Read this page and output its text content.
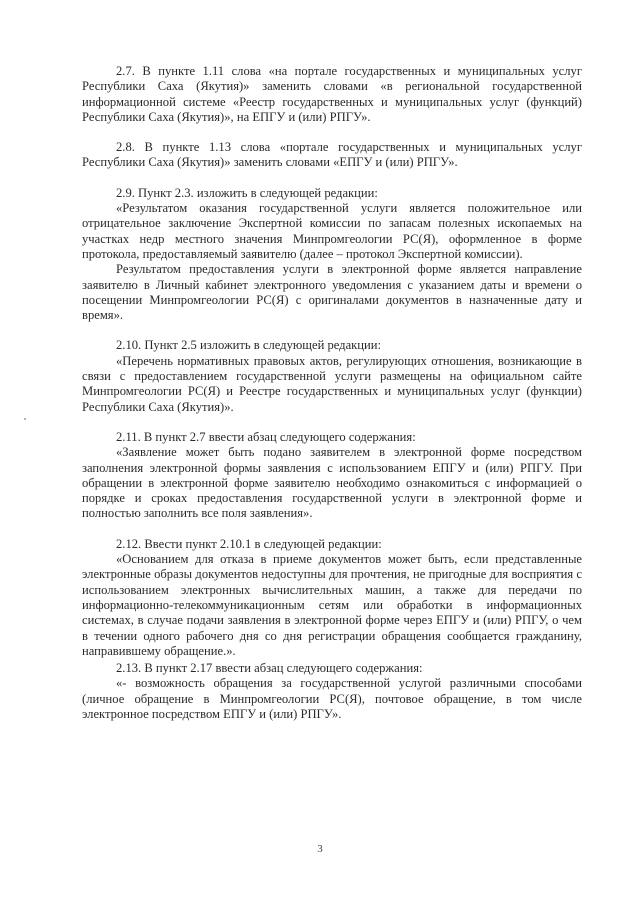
2.7. В пункте 1.11 слова «на портале государственных и муниципальных услуг Республики Саха (Якутия)» заменить словами «в региональной государственной информационной системе «Реестр государственных и муниципальных услуг (функций) Республики Саха (Якутия)», на ЕПГУ и (или) РПГУ».

2.8. В пункте 1.13 слова «портале государственных и муниципальных услуг Республики Саха (Якутия)» заменить словами «ЕПГУ и (или) РПГУ».

2.9. Пункт 2.3. изложить в следующей редакции:

«Результатом оказания государственной услуги является положительное или отрицательное заключение Экспертной комиссии по запасам полезных ископаемых на участках недр местного значения Минпромгеологии РС(Я), оформленное в форме протокола, предоставляемый заявителю (далее – протокол Экспертной комиссии).

Результатом предоставления услуги в электронной форме является направление заявителю в Личный кабинет электронного уведомления с указанием даты и времени о посещении Минпромгеологии РС(Я) с оригиналами документов в назначенные дату и время».

2.10. Пункт 2.5 изложить в следующей редакции:

«Перечень нормативных правовых актов, регулирующих отношения, возникающие в связи с предоставлением государственной услуги размещены на официальном сайте Минпромгеологии РС(Я) и Реестре государственных и муниципальных услуг (функции) Республики Саха (Якутия)».

2.11. В пункт 2.7 ввести абзац следующего содержания:

«Заявление может быть подано заявителем в электронной форме посредством заполнения электронной формы заявления с использованием ЕПГУ и (или) РПГУ. При обращении в электронной форме заявителю необходимо ознакомиться с информацией о порядке и сроках предоставления государственной услуги в электронной форме и полностью заполнить все поля заявления».

2.12. Ввести пункт 2.10.1 в следующей редакции:

«Основанием для отказа в приеме документов может быть, если представленные электронные образы документов недоступны для прочтения, не пригодные для восприятия с использованием электронных вычислительных машин, а также для передачи по информационно-телекоммуникационным сетям или обработки в информационных системах, в случае подачи заявления в электронной форме через ЕПГУ и (или) РПГУ, о чем в течении одного рабочего дня со дня регистрации обращения сообщается гражданину, направившему обращение.».

2.13. В пункт 2.17 ввести абзац следующего содержания:

«- возможность обращения за государственной услугой различными способами (личное обращение в Минпромгеологии РС(Я), почтовое обращение, в том числе электронное посредством ЕПГУ и (или) РПГУ».

3
